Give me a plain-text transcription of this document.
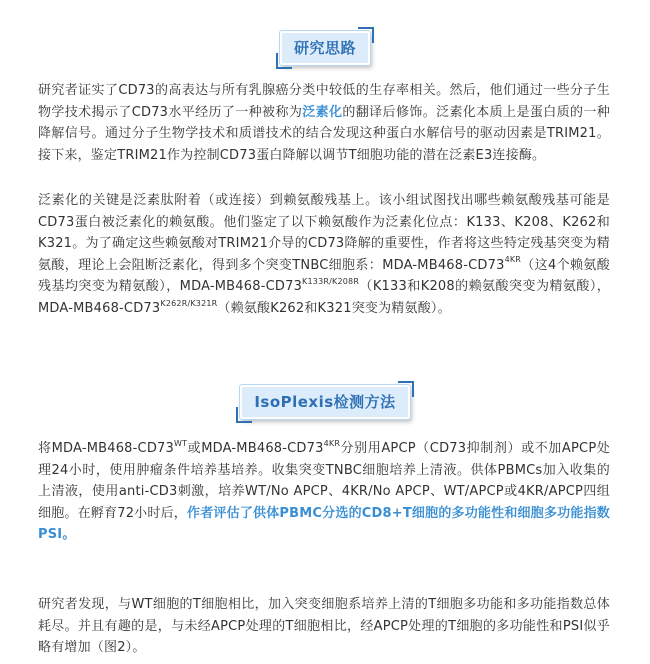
研究思路

研究者证实了CD73的高表达与所有乳腺癌分类中较低的生存率相关。然后，他们通过一些分子生物学技术揭示了CD73水平经历了一种被称为泛素化的翻译后修饰。泛素化本质上是蛋白质的一种降解信号。通过分子生物学技术和质谱技术的结合发现这种蛋白水解信号的驱动因素是TRIM21。接下来，鉴定TRIM21作为控制CD73蛋白降解以调节T细胞功能的潜在泛素E3连接酶。

泛素化的关键是泛素肽附着（或连接）到赖氨酸残基上。该小组试图找出哪些赖氨酸残基可能是CD73蛋白被泛素化的赖氨酸。他们鉴定了以下赖氨酸作为泛素化位点：K133、K208、K262和K321。为了确定这些赖氨酸对TRIM21介导的CD73降解的重要性，作者将这些特定残基突变为精氨酸，理论上会阻断泛素化，得到多个突变TNBC细胞系：MDA-$MB468-CD73^{4KR}$（这4个赖氨酸残基均突变为精氨酸），MDA-$MB468-CD73^{K133R/K208R}(K133$和K208的赖氨酸突变为精氨酸），MDA-$MB468-CD73^{K262R/K321R}$（赖氨酸K262和K321突变为精氨酸）。

IsoPlexis检测方法

将MDA-$MB468-CD73^{WT}$或MDA-$MB468-CD73^{4KR}$分别用APCP（CD73抑制剂）或不加APCP处理24小时，使用肿瘤条件培养基培养。收集突变TNBC细胞培养上清液。供体PBMCs加入收集的上清液，使用anti-CD3刺激，培养WT/No APCP、4KR/No APCP、WT/APCP或4KR/APCP四组细胞。在孵育72小时后，作者评估了供体PBMC分选的CD8+T细胞的多功能性和细胞多功能指数PSI。

研究者发现，与WT细胞的T细胞相比，加入突变细胞系培养上清的T细胞多功能和多功能指数总体耗尽。并且有趣的是，与未经APCP处理的T细胞相比，经APCP处理的T细胞的多功能性和PSI似乎略有增加（图2）。
